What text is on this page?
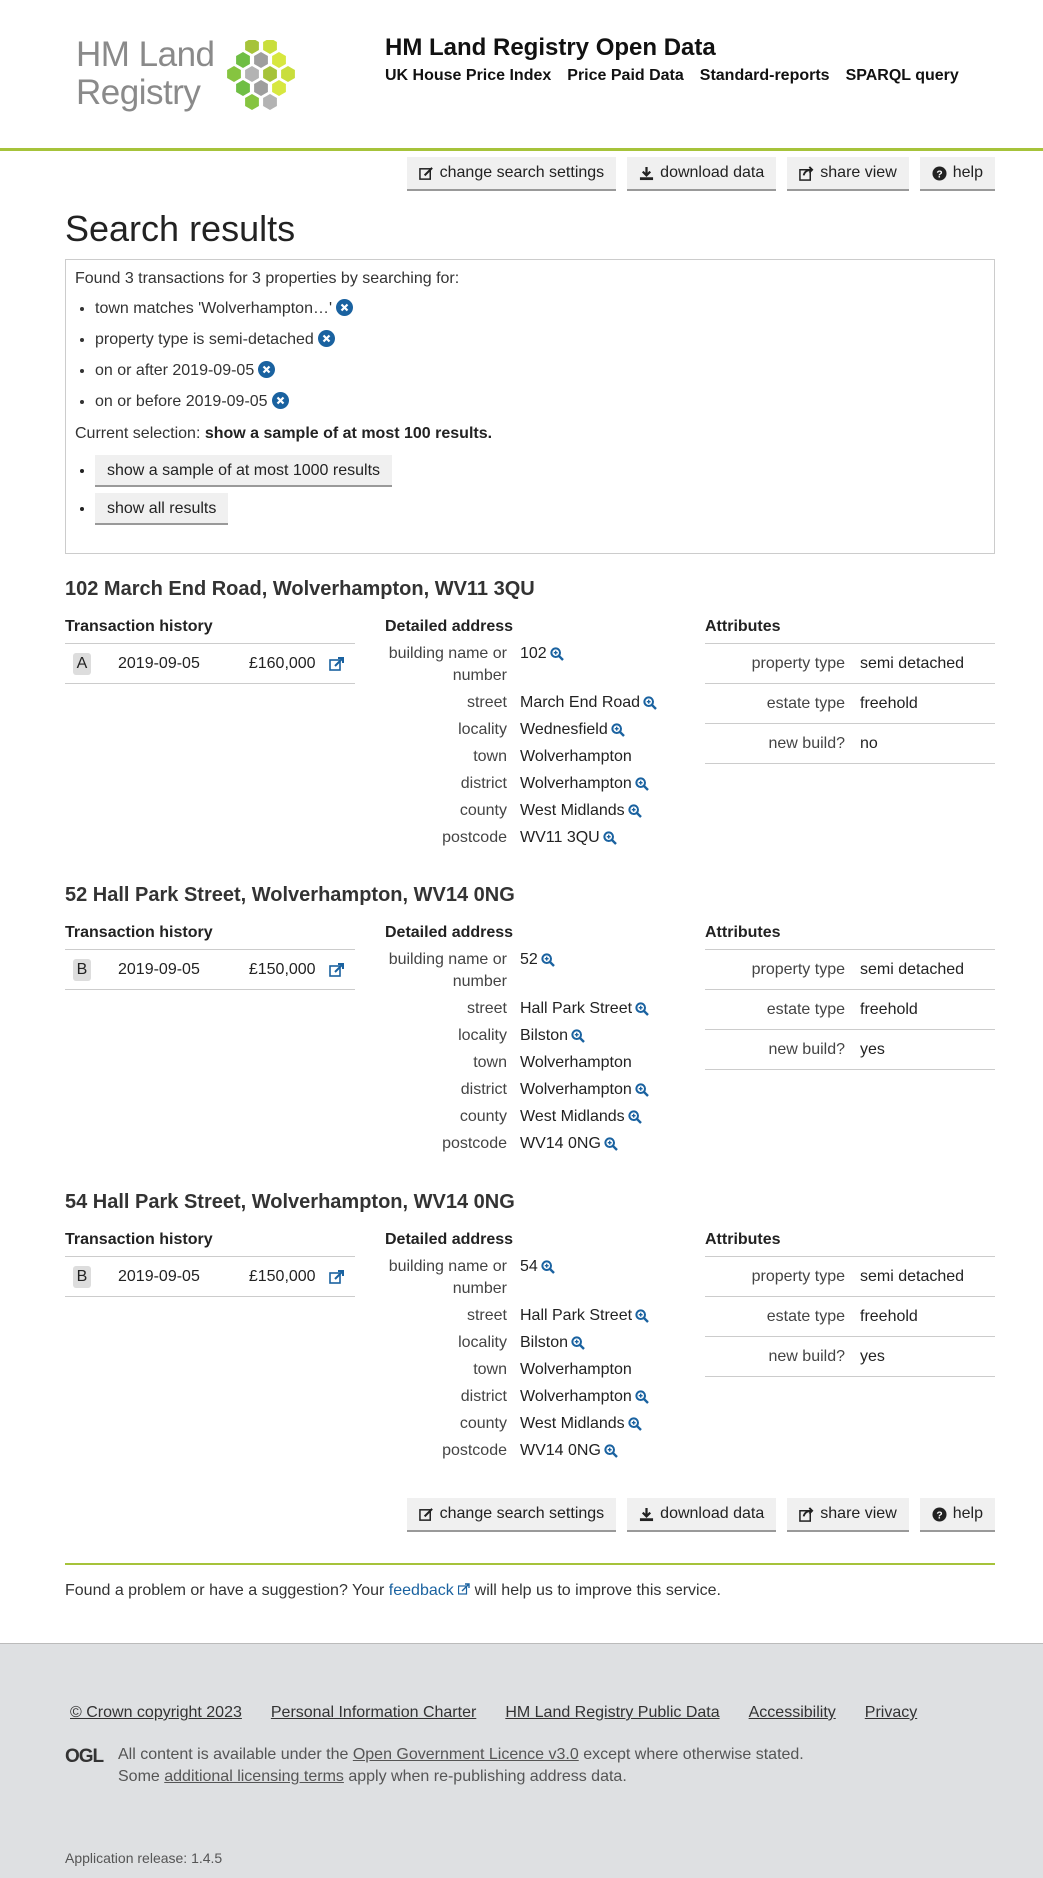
HM Land
Registry
HM Land Registry Open Data
UK House Price Index Price Paid Data Standard-reports SPARQL query
change search settings	download data	share view	? help
Search results
Found 3 transactions for 3 properties by searching for:
• town matches 'Wolverhampton…'
• property type is semi-detached
• on or after 2019-09-05
• on or before 2019-09-05
Current selection: show a sample of at most 100 results.
• show a sample of at most 1000 results
• show all results
102 March End Road, Wolverhampton, WV11 3QU
Transaction history	Detailed address	Attributes
A 2019-09-05	£160,000
building name or number
102
street March End Road
locality Wednesfield
town Wolverhampton
district Wolverhampton
county West Midlands
postcode WV11 3QU
property type semi detached
estate type freehold
new build? no
52 Hall Park Street, Wolverhampton, WV14 0NG
Transaction history	Detailed address	Attributes
B 2019-09-05	£150,000
building name or number
52
street Hall Park Street
locality Bilston
town Wolverhampton
district Wolverhampton
county West Midlands
postcode WV14 0NG
property type semi detached
estate type freehold
new build? yes
54 Hall Park Street, Wolverhampton, WV14 0NG
Transaction history	Detailed address	Attributes
B 2019-09-05	£150,000
building name or number
54
street Hall Park Street
locality Bilston
town Wolverhampton
district Wolverhampton
county West Midlands
postcode WV14 0NG
property type semi detached
estate type freehold
new build? yes
change search settings	download data	share view	? help
Found a problem or have a suggestion? Your feedback will help us to improve this service.
© Crown copyright 2023 Personal Information Charter HM Land Registry Public Data Accessibility Privacy
OGL All content is available under the Open Government Licence v3.0 except where otherwise stated.
Some additional licensing terms apply when re-publishing address data.
Application release: 1.4.5
